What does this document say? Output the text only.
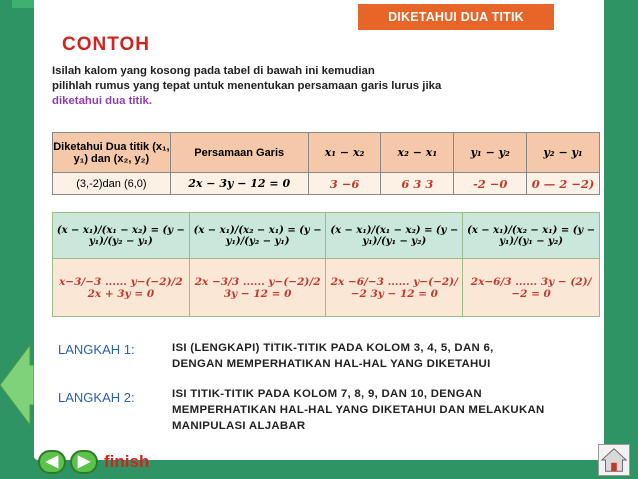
DIKETAHUI DUA TITIK
CONTOH
Isilah kalom yang kosong pada tabel di bawah ini kemudian
pilihlah rumus yang tepat untuk menentukan persamaan garis lurus jika
diketahui dua titik.
Diketahui Dua titik (x₁, y₁) dan (x₂, y₂)	Persamaan Garis	x₁ − x₂	x₂ − x₁	y₁ − y₂	y₂ − y₁
(3,-2)dan (6,0)	2x − 3y − 12 = 0	3 −6	6 3 3	-2 −0	0 — 2 −2)
(x − x₁)/(x₁ − x₂) = (y − y₁)/(y₂ − y₁)	(x − x₁)/(x₂ − x₁) = (y − y₁)/(y₂ − y₁)	(x − x₁)/(x₁ − x₂) = (y − y₁)/(y₁ − y₂)	(x − x₁)/(x₂ − x₁) = (y − y₁)/(y₁ − y₂)
x−3/−3 ...... y−(−2)/2 2x + 3y = 0	2x −3/3 ...... y−(−2)/2 3y − 12 = 0	2x −6/−3 ...... y−(−2)/−2 3y − 12 = 0	2x−6/3 ...... 3y − (2)/−2 = 0
LANGKAH 1:	ISI (LENGKAPI) TITIK-TITIK PADA KOLOM 3, 4, 5, DAN 6,
DENGAN MEMPERHATIKAN HAL-HAL YANG DIKETAHUI
LANGKAH 2:	ISI TITIK-TITIK PADA KOLOM 7, 8, 9, DAN 10, DENGAN
MEMPERHATIKAN HAL-HAL YANG DIKETAHUI DAN MELAKUKAN
MANIPULASI ALJABAR
◀	▶ finish
